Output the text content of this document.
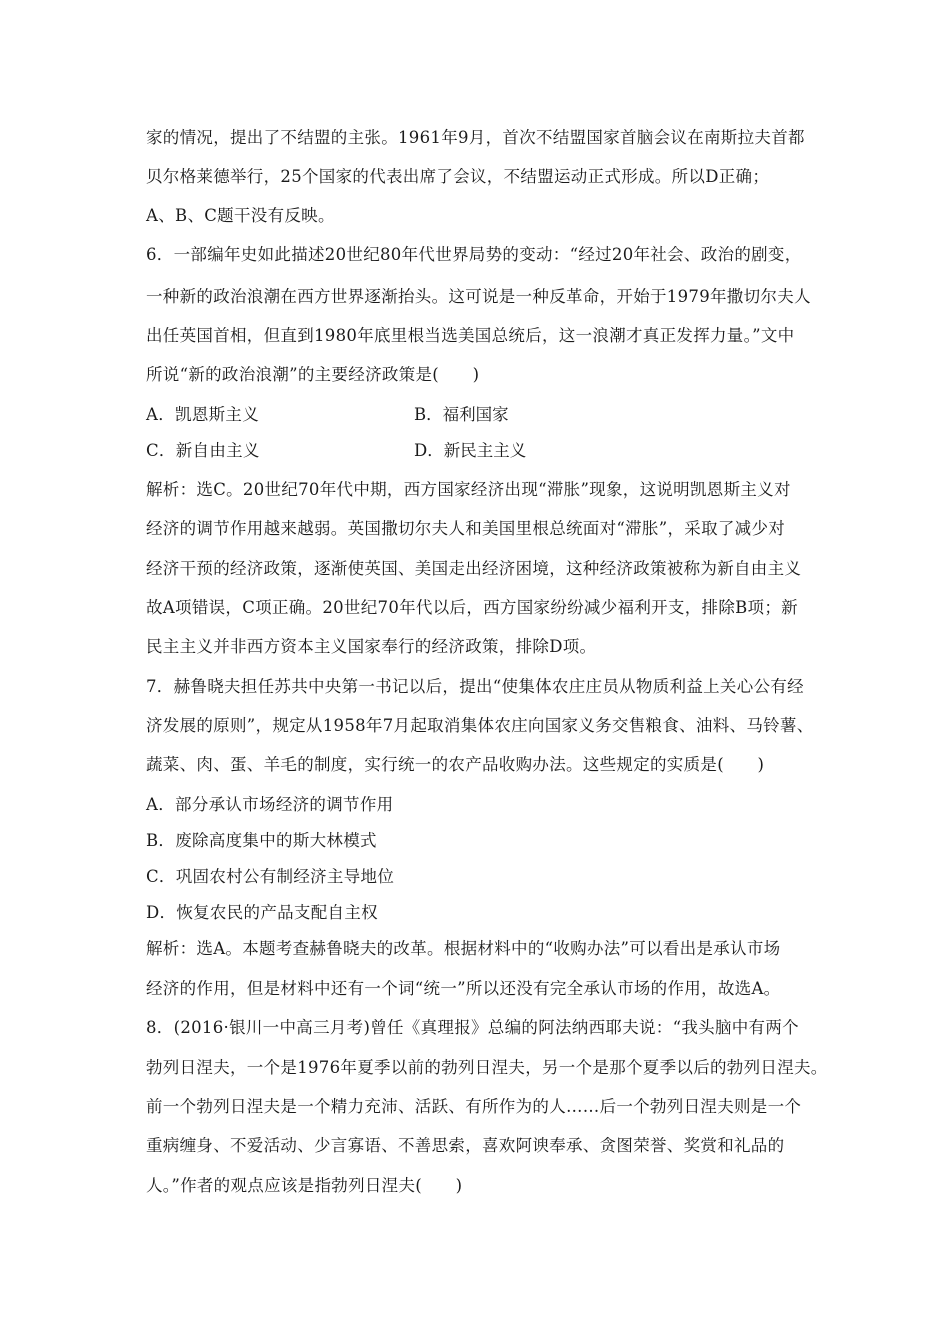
家的情况，提出了不结盟的主张。1961年9月，首次不结盟国家首脑会议在南斯拉夫首都
贝尔格莱德举行，25个国家的代表出席了会议，不结盟运动正式形成。所以D正确；
A、B、C题干没有反映。
6．一部编年史如此描述20世纪80年代世界局势的变动：“经过20年社会、政治的剧变，
一种新的政治浪潮在西方世界逐渐抬头。这可说是一种反革命，开始于1979年撒切尔夫人
出任英国首相，但直到1980年底里根当选美国总统后，这一浪潮才真正发挥力量。”文中
所说“新的政治浪潮”的主要经济政策是(　　)
A．凯恩斯主义	B．福利国家
C．新自由主义	D．新民主主义
解析：选C。20世纪70年代中期，西方国家经济出现“滞胀”现象，这说明凯恩斯主义对
经济的调节作用越来越弱。英国撒切尔夫人和美国里根总统面对“滞胀”，采取了减少对
经济干预的经济政策，逐渐使英国、美国走出经济困境，这种经济政策被称为新自由主义
故A项错误，C项正确。20世纪70年代以后，西方国家纷纷减少福利开支，排除B项；新
民主主义并非西方资本主义国家奉行的经济政策，排除D项。
7．赫鲁晓夫担任苏共中央第一书记以后，提出“使集体农庄庄员从物质利益上关心公有经
济发展的原则”，规定从1958年7月起取消集体农庄向国家义务交售粮食、油料、马铃薯、
蔬菜、肉、蛋、羊毛的制度，实行统一的农产品收购办法。这些规定的实质是(　　)
A．部分承认市场经济的调节作用
B．废除高度集中的斯大林模式
C．巩固农村公有制经济主导地位
D．恢复农民的产品支配自主权
解析：选A。本题考查赫鲁晓夫的改革。根据材料中的“收购办法”可以看出是承认市场
经济的作用，但是材料中还有一个词“统一”所以还没有完全承认市场的作用，故选A。
8．(2016·银川一中高三月考)曾任《真理报》总编的阿法纳西耶夫说：“我头脑中有两个
勃列日涅夫，一个是1976年夏季以前的勃列日涅夫，另一个是那个夏季以后的勃列日涅夫。
前一个勃列日涅夫是一个精力充沛、活跃、有所作为的人……后一个勃列日涅夫则是一个
重病缠身、不爱活动、少言寡语、不善思索，喜欢阿谀奉承、贪图荣誉、奖赏和礼品的
人。”作者的观点应该是指勃列日涅夫(　　)
